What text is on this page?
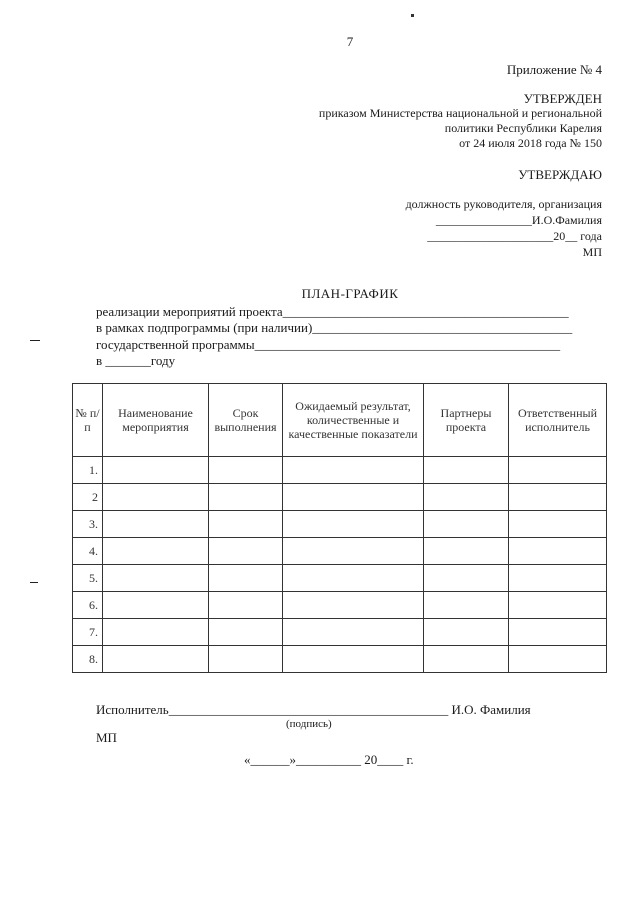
7
Приложение № 4
УТВЕРЖДЕН
приказом Министерства национальной и региональной
политики Республики Карелия
от 24 июля 2018 года № 150
УТВЕРЖДАЮ
должность руководителя, организация
________________И.О.Фамилия
_____________________20__ года
МП
ПЛАН-ГРАФИК
реализации мероприятий проекта____________________________________________
в рамках подпрограммы (при наличии)________________________________________
государственной программы_______________________________________________
в _______году
№ п/п	Наименование мероприятия	Срок выполнения	Ожидаемый результат, количественные и качественные показатели	Партнеры проекта	Ответственный исполнитель
1.					
2					
3.					
4.					
5.					
6.					
7.					
8.					
Исполнитель___________________________________________ И.О. Фамилия
(подпись)
МП
«______»__________ 20____ г.
